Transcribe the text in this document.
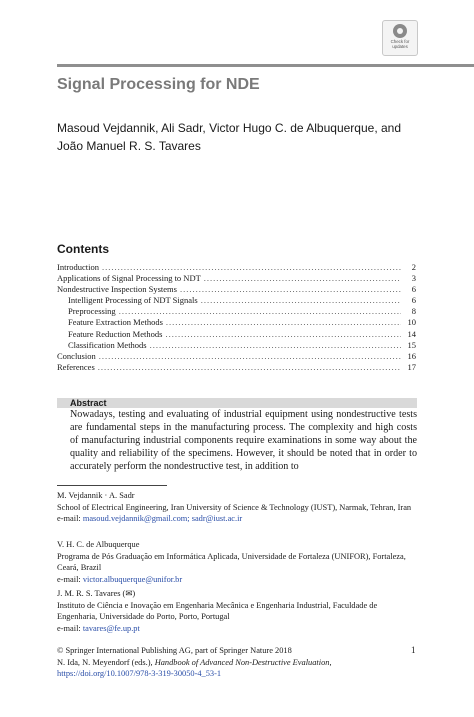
Check for
updates
Signal Processing for NDE
Masoud Vejdannik, Ali Sadr, Victor Hugo C. de Albuquerque, and
João Manuel R. S. Tavares
Contents
Introduction .....	2
Applications of Signal Processing to NDT .....	3
Nondestructive Inspection Systems .....	6
Intelligent Processing of NDT Signals .....	6
Preprocessing .....	8
Feature Extraction Methods .....	10
Feature Reduction Methods .....	14
Classification Methods .....	15
Conclusion .....	16
References .....	17
Abstract
Nowadays, testing and evaluating of industrial equipment using nondestructive tests are fundamental steps in the manufacturing process. The complexity and high costs of manufacturing industrial components require examinations in some way about the quality and reliability of the specimens. However, it should be noted that in order to accurately perform the nondestructive test, in addition to
M. Vejdannik · A. Sadr
School of Electrical Engineering, Iran University of Science & Technology (IUST), Narmak, Tehran, Iran
e-mail: masoud.vejdannik@gmail.com; sadr@iust.ac.ir
V. H. C. de Albuquerque
Programa de Pós Graduação em Informática Aplicada, Universidade de Fortaleza (UNIFOR), Fortaleza, Ceará, Brazil
e-mail: victor.albuquerque@unifor.br
J. M. R. S. Tavares (✉)
Instituto de Ciência e Inovação em Engenharia Mecânica e Engenharia Industrial, Faculdade de Engenharia, Universidade do Porto, Porto, Portugal
e-mail: tavares@fe.up.pt
© Springer International Publishing AG, part of Springer Nature 2018
N. Ida, N. Meyendorf (eds.), Handbook of Advanced Non-Destructive Evaluation,
https://doi.org/10.1007/978-3-319-30050-4_53-1
1
